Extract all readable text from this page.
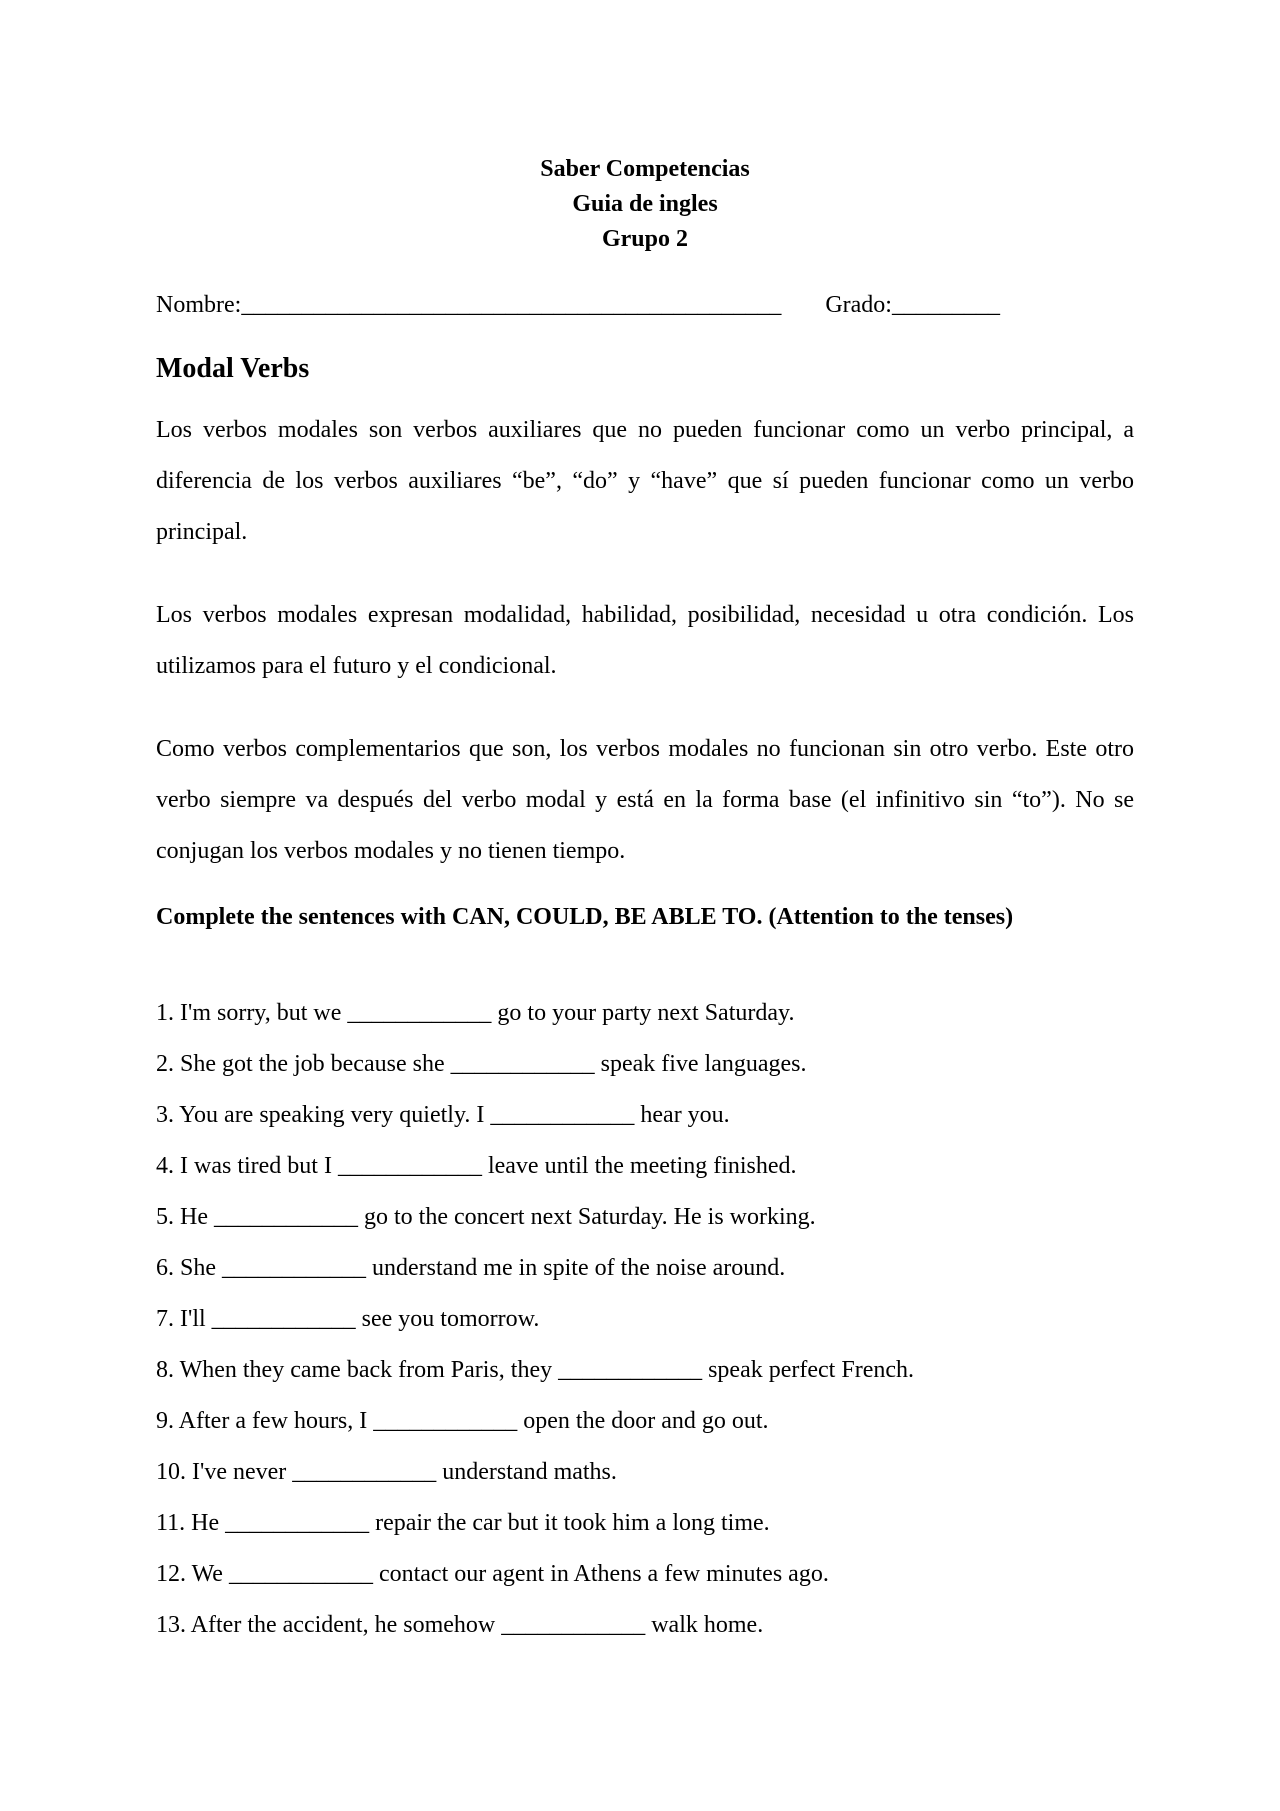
Saber Competencias
Guia de ingles
Grupo 2
Nombre:_____________________________________________ Grado:_________
Modal Verbs

Los verbos modales son verbos auxiliares que no pueden funcionar como un verbo principal, a diferencia de los verbos auxiliares “be”, “do” y “have” que sí pueden funcionar como un verbo principal.

Los verbos modales expresan modalidad, habilidad, posibilidad, necesidad u otra condición. Los utilizamos para el futuro y el condicional.

Como verbos complementarios que son, los verbos modales no funcionan sin otro verbo. Este otro verbo siempre va después del verbo modal y está en la forma base (el infinitivo sin “to”). No se conjugan los verbos modales y no tienen tiempo.

Complete the sentences with CAN, COULD, BE ABLE TO. (Attention to the tenses)
1. I'm sorry, but we ____________ go to your party next Saturday.
2. She got the job because she ____________ speak five languages.
3. You are speaking very quietly. I ____________ hear you.
4. I was tired but I ____________ leave until the meeting finished.
5. He ____________ go to the concert next Saturday. He is working.
6. She ____________ understand me in spite of the noise around.
7. I'll ____________ see you tomorrow.
8. When they came back from Paris, they ____________ speak perfect French.
9. After a few hours, I ____________ open the door and go out.
10. I've never ____________ understand maths.
11. He ____________ repair the car but it took him a long time.
12. We ____________ contact our agent in Athens a few minutes ago.
13. After the accident, he somehow ____________ walk home.
